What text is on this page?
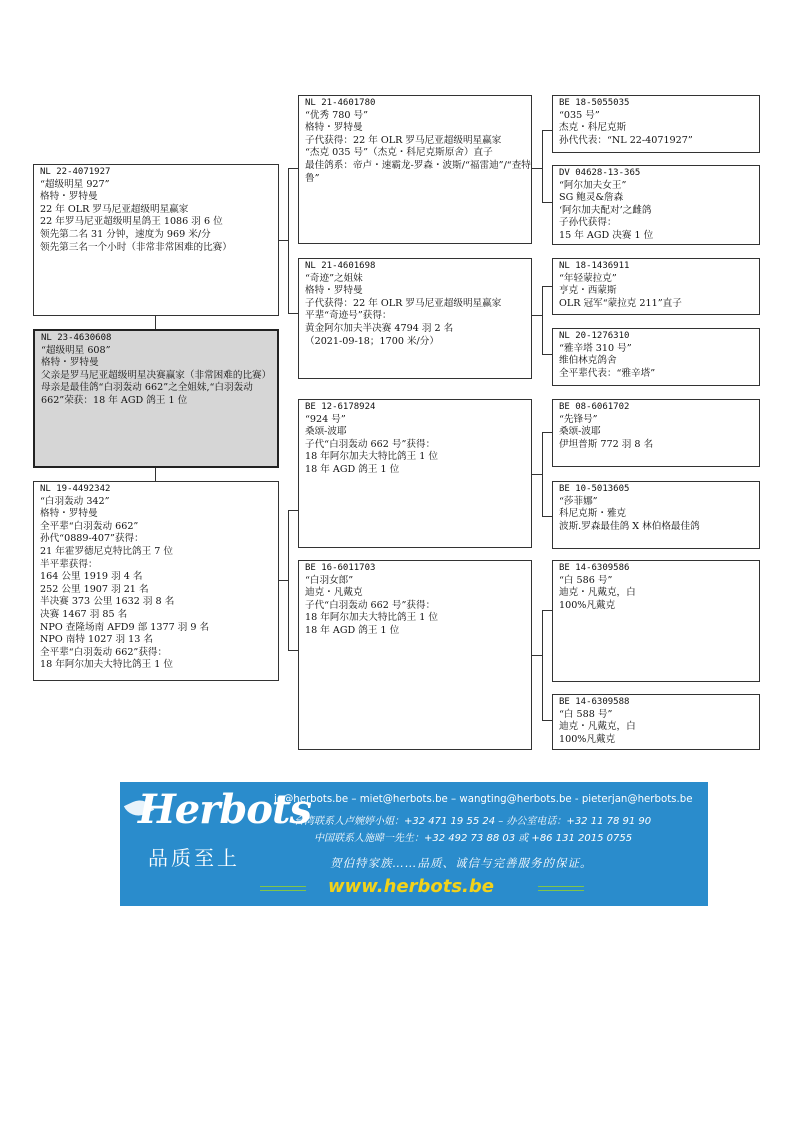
NL 22-4071927
“超级明星 927”
格特・罗特曼
22 年 OLR 罗马尼亚超级明星赢家
22 年罗马尼亚超级明星鸽王 1086 羽 6 位
领先第二名 31 分钟，速度为 969 米/分
领先第三名一个小时（非常非常困难的比赛）
NL 23-4630608
“超级明星 608”
格特・罗特曼
父亲是罗马尼亚超级明星决赛赢家（非常困难的比赛）
母亲是最佳鸽“白羽轰动 662”之全姐妹,“白羽轰动 662”荣获：18 年 AGD 鸽王 1 位
NL 19-4492342
“白羽轰动 342”
格特・罗特曼
全平辈“白羽轰动 662”
孙代“0889-407”获得：
21 年霍罗德尼克特比鸽王 7 位
半平辈获得：
164 公里 1919 羽 4 名
252 公里 1907 羽 21 名
半决赛 373 公里 1632 羽 8 名
决赛 1467 羽 85 名
NPO 查隆场南 AFD9 部 1377 羽 9 名
NPO 南特 1027 羽 13 名
全平辈“白羽轰动 662”获得：
18 年阿尔加夫大特比鸽王 1 位
NL 21-4601780
“优秀 780 号”
格特・罗特曼
子代获得：22 年 OLR 罗马尼亚超级明星赢家
“杰克 035 号”（杰克・科尼克斯原舍）直子
最佳鸽系：帝卢・速霸龙-罗森・波斯/“福雷迪”/“查特鲁”
NL 21-4601698
“奇迹”之姐妹
格特・罗特曼
子代获得：22 年 OLR 罗马尼亚超级明星赢家
平辈“奇迹号”获得：
黄金阿尔加夫半决赛 4794 羽 2 名
（2021-09-18；1700 米/分）
BE 12-6178924
“924 号”
桑颂-波耶
子代“白羽轰动 662 号”获得：
18 年阿尔加夫大特比鸽王 1 位
18 年 AGD 鸽王 1 位
BE 16-6011703
“白羽女郎”
迪克・凡戴克
子代“白羽轰动 662 号”获得：
18 年阿尔加夫大特比鸽王 1 位
18 年 AGD 鸽王 1 位
BE 18-5055035
“035 号”
杰克・科尼克斯
孙代代表：“NL 22-4071927”
DV 04628-13-365
“阿尔加夫女王”
SG 鲍灵&詹森
‘阿尔加夫配对’之雌鸽
子孙代获得：
15 年 AGD 决赛 1 位
NL 18-1436911
“年轻蒙拉克”
亨克・西蒙斯
OLR 冠军“蒙拉克 211”直子
NL 20-1276310
“雅辛塔 310 号”
维伯林克鸽舍
全平辈代表：“雅辛塔”
BE 08-6061702
“先锋号”
桑颂-波耶
伊坦普斯 772 羽 8 名
BE 10-5013605
“莎菲娜”
科尼克斯・雅克
波斯.罗森最佳鸽 X 林伯格最佳鸽
BE 14-6309586
“白 586 号”
迪克・凡戴克，白
100%凡戴克
BE 14-6309588
“白 588 号”
迪克・凡戴克，白
100%凡戴克
Herbots
品质至上
jo@herbots.be – miet@herbots.be – wangting@herbots.be - pieterjan@herbots.be
台湾联系人卢婉婷小姐：+32 471 19 55 24 – 办公室电话：+32 11 78 91 90
中国联系人施暐一先生：+32 492 73 88 03 或 +86 131 2015 0755
贺伯特家族……品质、诚信与完善服务的保证。
www.herbots.be
